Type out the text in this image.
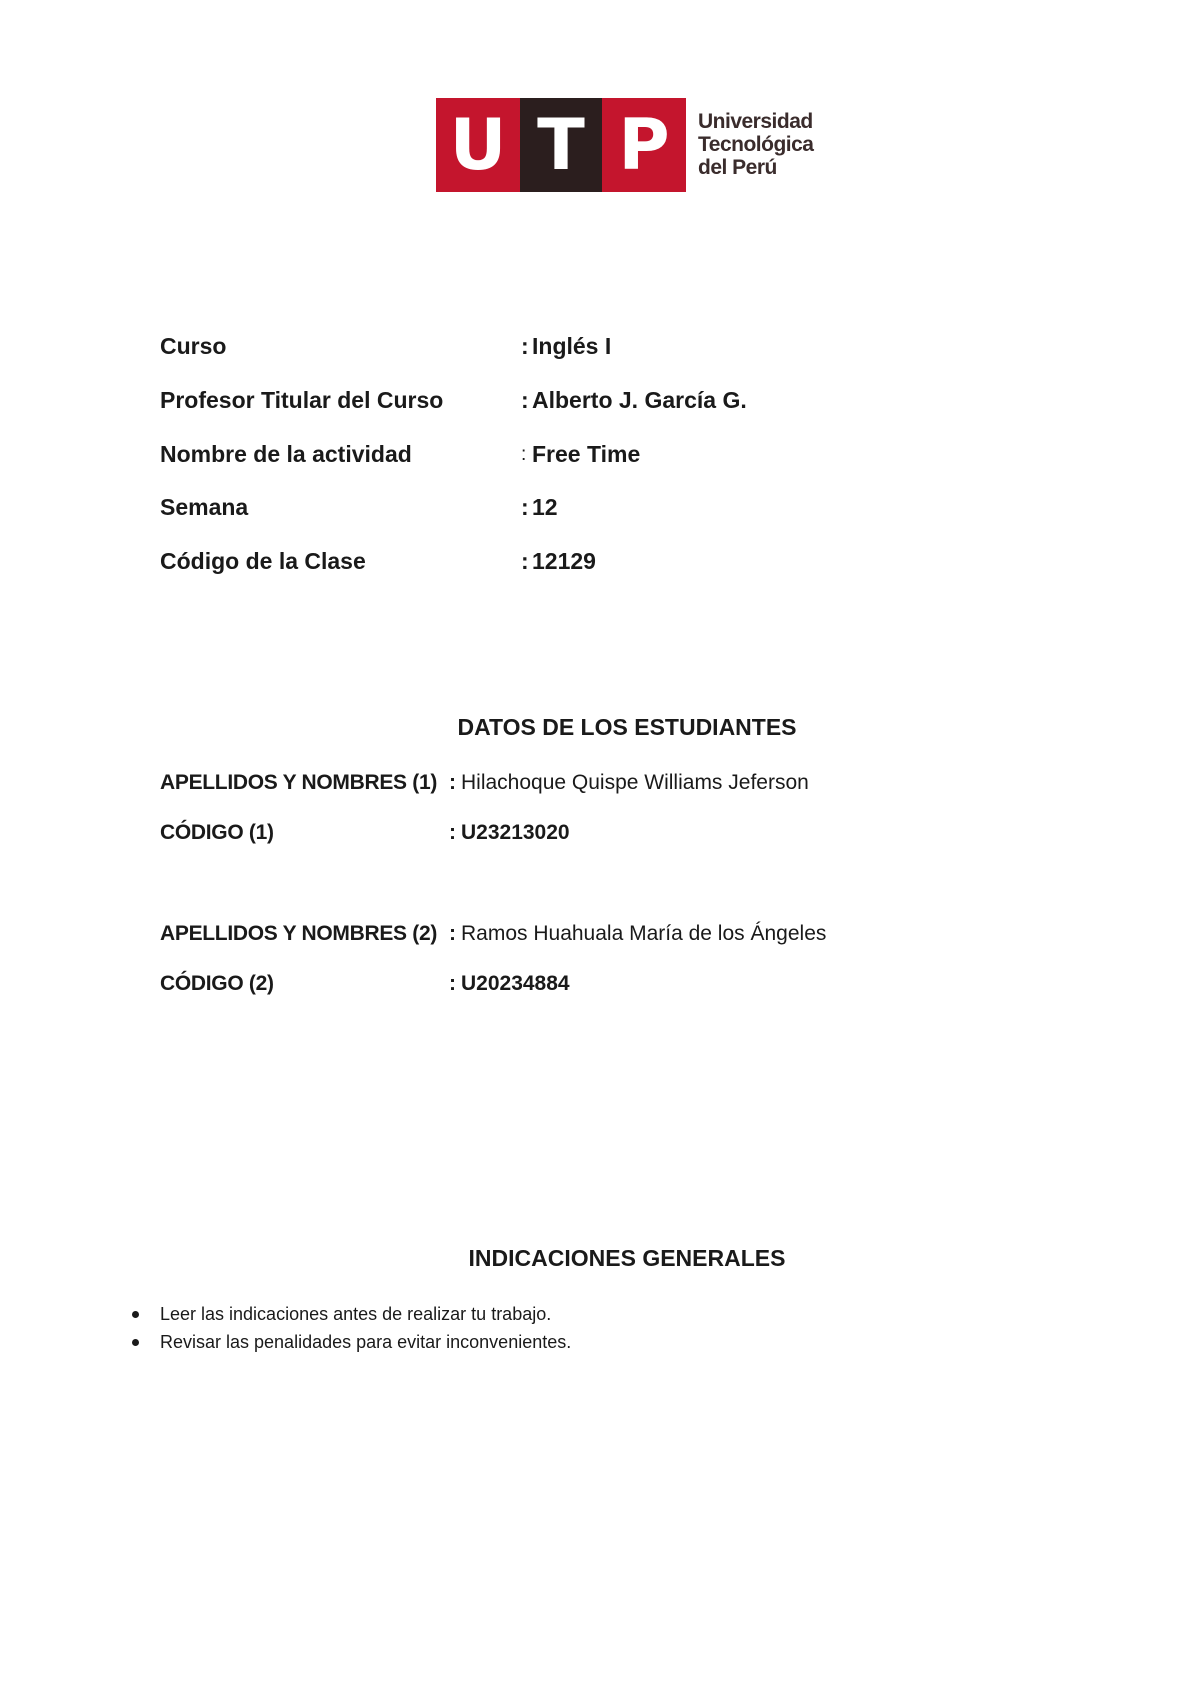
U T P	Universidad
Tecnológica
del Perú
Curso	: Inglés I
Profesor Titular del Curso	: Alberto J. García G.
Nombre de la actividad	: Free Time
Semana	: 12
Código de la Clase	: 12129
DATOS DE LOS ESTUDIANTES
APELLIDOS Y NOMBRES (1) : Hilachoque Quispe Williams Jeferson
CÓDIGO (1)	: U23213020
APELLIDOS Y NOMBRES (2) : Ramos Huahuala María de los Ángeles
CÓDIGO (2)	: U20234884
INDICACIONES GENERALES
Leer las indicaciones antes de realizar tu trabajo.
Revisar las penalidades para evitar inconvenientes.
